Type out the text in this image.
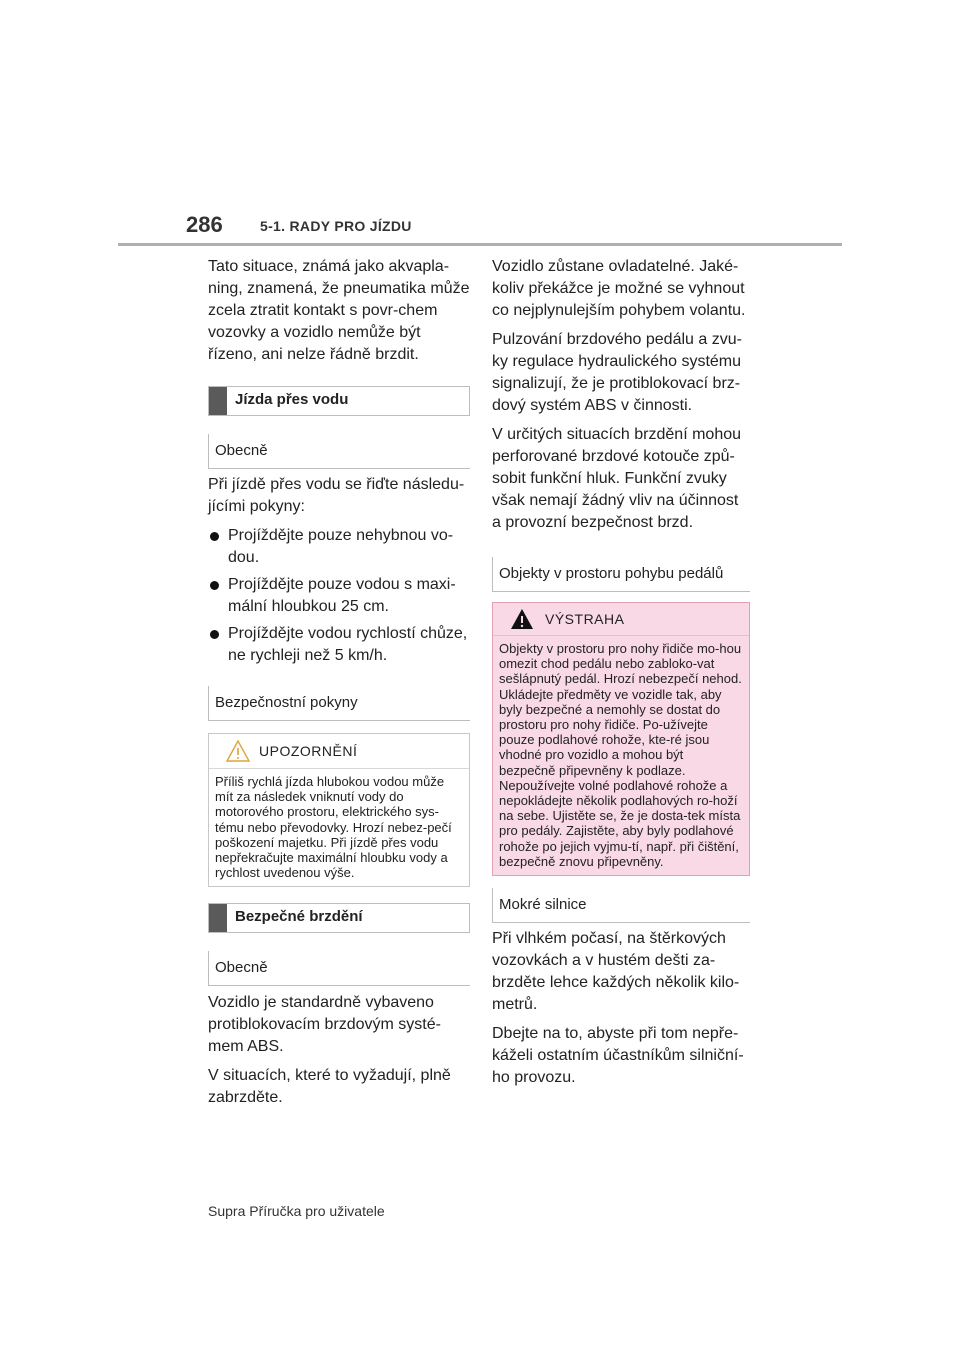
286	5-1. RADY PRO JÍZDU

Tato situace, známá jako akvapla-ning, znamená, že pneumatika může zcela ztratit kontakt s povr-chem vozovky a vozidlo nemůže být řízeno, ani nelze řádně brzdit.

Jízda přes vodu
Obecně

Při jízdě přes vodu se řiďte následu-jícími pokyny:

Projíždějte pouze nehybnou vo-dou.
Projíždějte pouze vodou s maxi-mální hloubkou 25 cm.
Projíždějte vodou rychlostí chůze, ne rychleji než 5 km/h.
Bezpečnostní pokyny
UPOZORNĚNÍ
Příliš rychlá jízda hlubokou vodou může mít za následek vniknutí vody do motorového prostoru, elektrického sys-tému nebo převodovky. Hrozí nebez-pečí poškození majetku. Při jízdě přes vodu nepřekračujte maximální hloubku vody a rychlost uvedenou výše.
Bezpečné brzdění
Obecně

Vozidlo je standardně vybaveno protiblokovacím brzdovým systé-mem ABS.

V situacích, které to vyžadují, plně zabrzděte.

Vozidlo zůstane ovladatelné. Jaké-koliv překážce je možné se vyhnout co nejplynulejším pohybem volantu.

Pulzování brzdového pedálu a zvu-ky regulace hydraulického systému signalizují, že je protiblokovací brz-dový systém ABS v činnosti.

V určitých situacích brzdění mohou perforované brzdové kotouče způ-sobit funkční hluk. Funkční zvuky však nemají žádný vliv na účinnost a provozní bezpečnost brzd.

Objekty v prostoru pohybu pedálů
VÝSTRAHA
Objekty v prostoru pro nohy řidiče mo-hou omezit chod pedálu nebo zabloko-vat sešlápnutý pedál. Hrozí nebezpečí nehod. Ukládejte předměty ve vozidle tak, aby byly bezpečné a nemohly se dostat do prostoru pro nohy řidiče. Po-užívejte pouze podlahové rohože, kte-ré jsou vhodné pro vozidlo a mohou být bezpečně připevněny k podlaze. Nepoužívejte volné podlahové rohože a nepokládejte několik podlahových ro-hoží na sebe. Ujistěte se, že je dosta-tek místa pro pedály. Zajistěte, aby byly podlahové rohože po jejich vyjmu-tí, např. při čištění, bezpečně znovu připevněny.
Mokré silnice

Při vlhkém počasí, na štěrkových vozovkách a v hustém dešti za-brzděte lehce každých několik kilo-metrů.

Dbejte na to, abyste při tom nepře-káželi ostatním účastníkům silniční-ho provozu.

Supra Příručka pro uživatele
